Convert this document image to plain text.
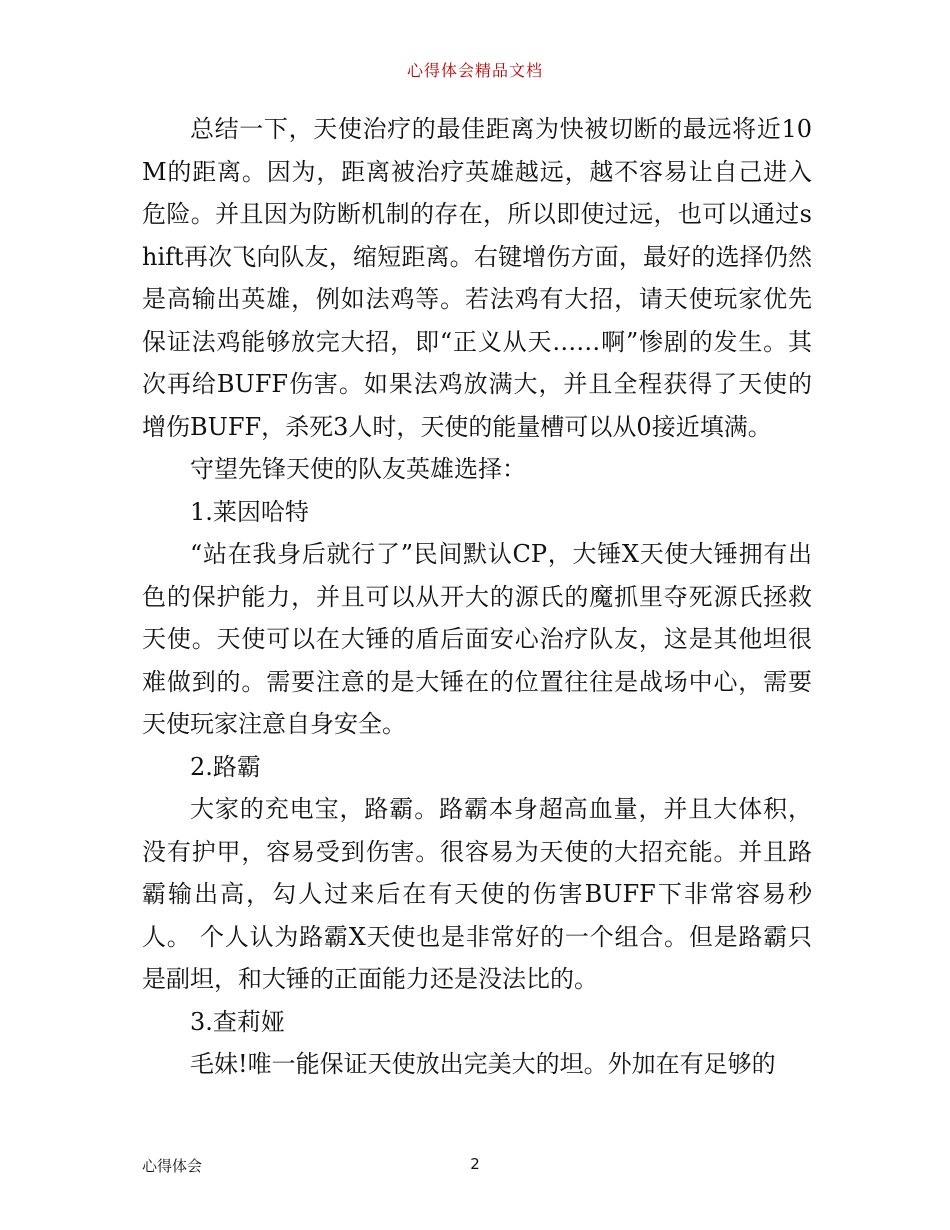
心得体会精品文档

总结一下，天使治疗的最佳距离为快被切断的最远将近10M的距离。因为，距离被治疗英雄越远，越不容易让自己进入危险。并且因为防断机制的存在，所以即使过远，也可以通过shift再次飞向队友，缩短距离。右键增伤方面，最好的选择仍然是高输出英雄，例如法鸡等。若法鸡有大招，请天使玩家优先保证法鸡能够放完大招，即“正义从天……啊”惨剧的发生。其次再给BUFF伤害。如果法鸡放满大，并且全程获得了天使的增伤BUFF，杀死3人时，天使的能量槽可以从0接近填满。

守望先锋天使的队友英雄选择：

1.莱因哈特

“站在我身后就行了”民间默认CP，大锤X天使大锤拥有出色的保护能力，并且可以从开大的源氏的魔抓里夺死源氏拯救天使。天使可以在大锤的盾后面安心治疗队友，这是其他坦很难做到的。需要注意的是大锤在的位置往往是战场中心，需要天使玩家注意自身安全。

2.路霸

大家的充电宝，路霸。路霸本身超高血量，并且大体积，没有护甲，容易受到伤害。很容易为天使的大招充能。并且路霸输出高，勾人过来后在有天使的伤害BUFF下非常容易秒人。 个人认为路霸X天使也是非常好的一个组合。但是路霸只是副坦，和大锤的正面能力还是没法比的。

3.查莉娅

毛妹!唯一能保证天使放出完美大的坦。外加在有足够的

心得体会	2
